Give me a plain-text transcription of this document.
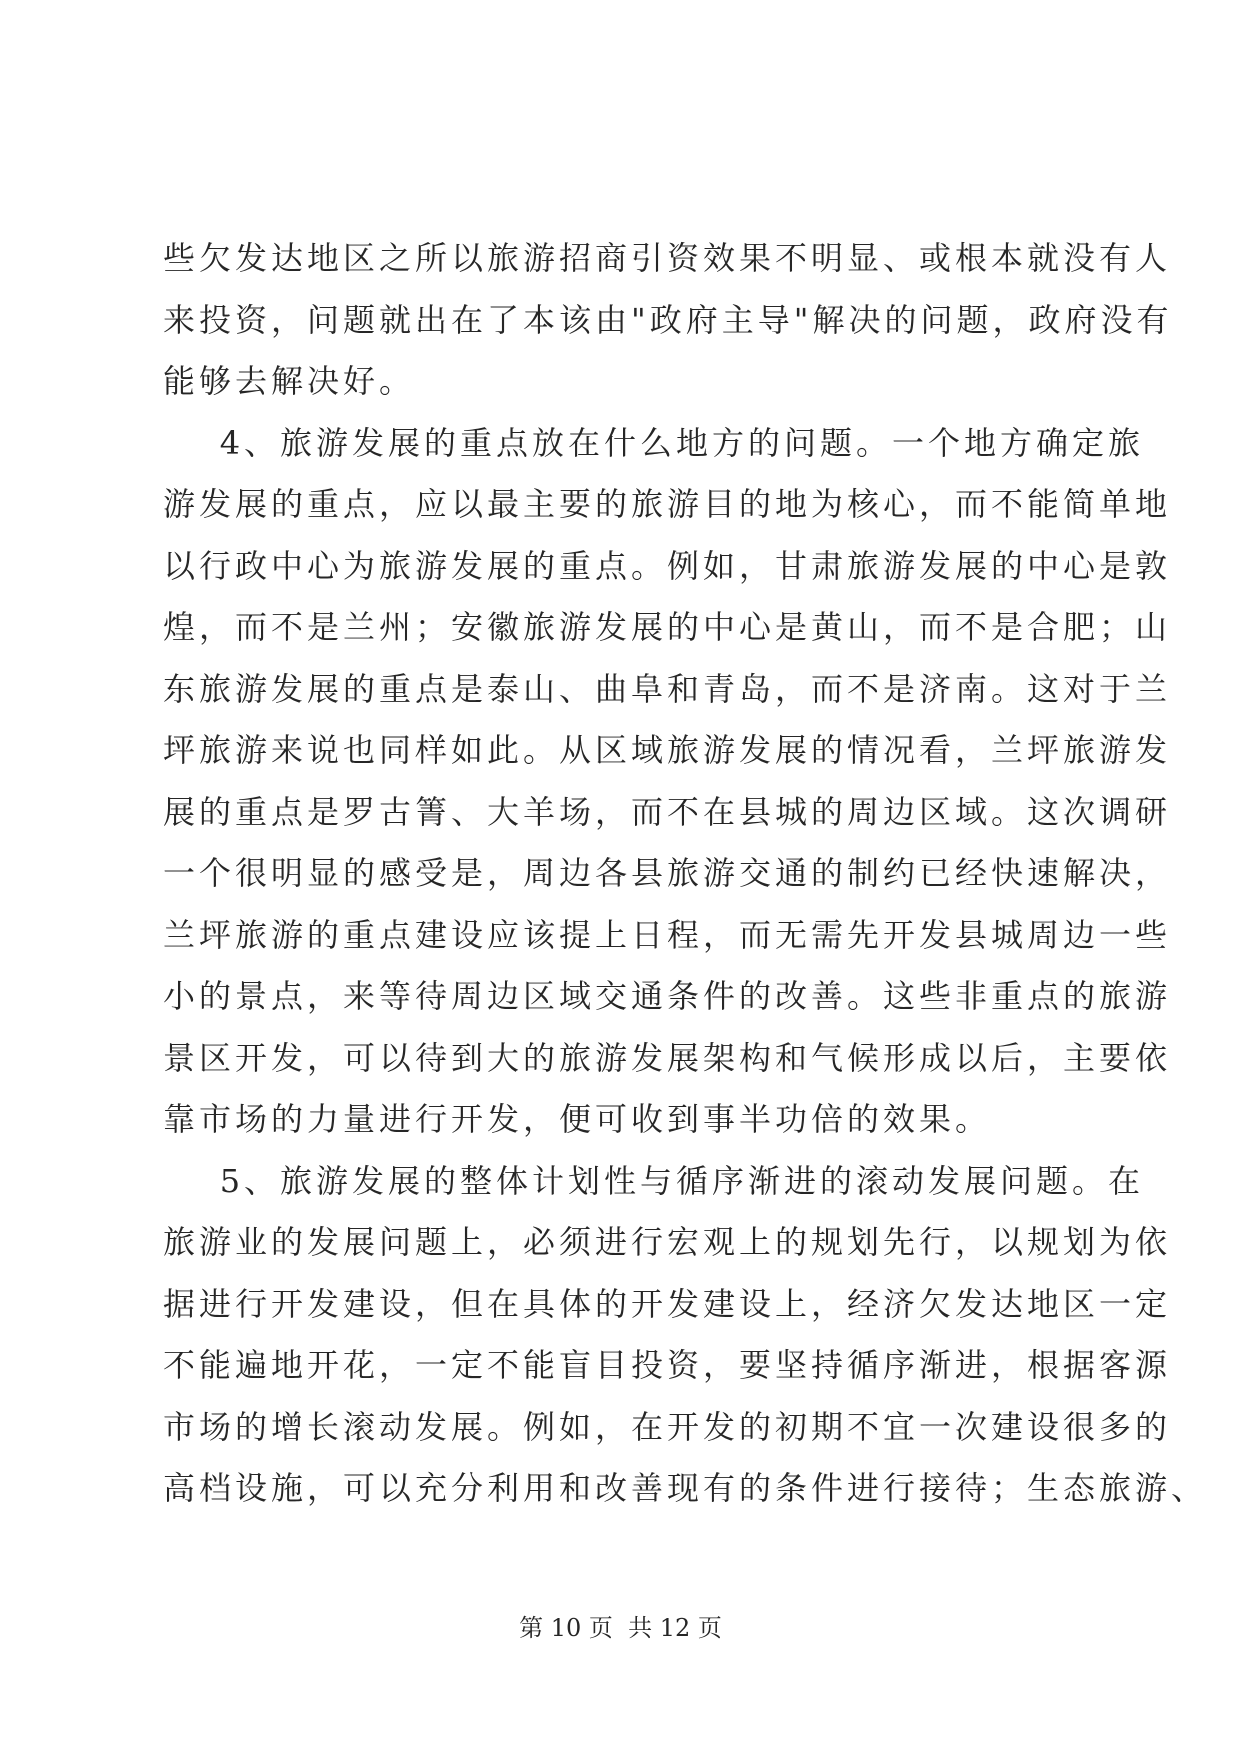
些欠发达地区之所以旅游招商引资效果不明显、或根本就没有人
来投资，问题就出在了本该由"政府主导"解决的问题，政府没有
能够去解决好。
4、旅游发展的重点放在什么地方的问题。一个地方确定旅
游发展的重点，应以最主要的旅游目的地为核心，而不能简单地
以行政中心为旅游发展的重点。例如，甘肃旅游发展的中心是敦
煌，而不是兰州；安徽旅游发展的中心是黄山，而不是合肥；山
东旅游发展的重点是泰山、曲阜和青岛，而不是济南。这对于兰
坪旅游来说也同样如此。从区域旅游发展的情况看，兰坪旅游发
展的重点是罗古箐、大羊场，而不在县城的周边区域。这次调研
一个很明显的感受是，周边各县旅游交通的制约已经快速解决，
兰坪旅游的重点建设应该提上日程，而无需先开发县城周边一些
小的景点，来等待周边区域交通条件的改善。这些非重点的旅游
景区开发，可以待到大的旅游发展架构和气候形成以后，主要依
靠市场的力量进行开发，便可收到事半功倍的效果。
5、旅游发展的整体计划性与循序渐进的滚动发展问题。在
旅游业的发展问题上，必须进行宏观上的规划先行，以规划为依
据进行开发建设，但在具体的开发建设上，经济欠发达地区一定
不能遍地开花，一定不能盲目投资，要坚持循序渐进，根据客源
市场的增长滚动发展。例如，在开发的初期不宜一次建设很多的
高档设施，可以充分利用和改善现有的条件进行接待；生态旅游、
第 10 页  共 12 页
